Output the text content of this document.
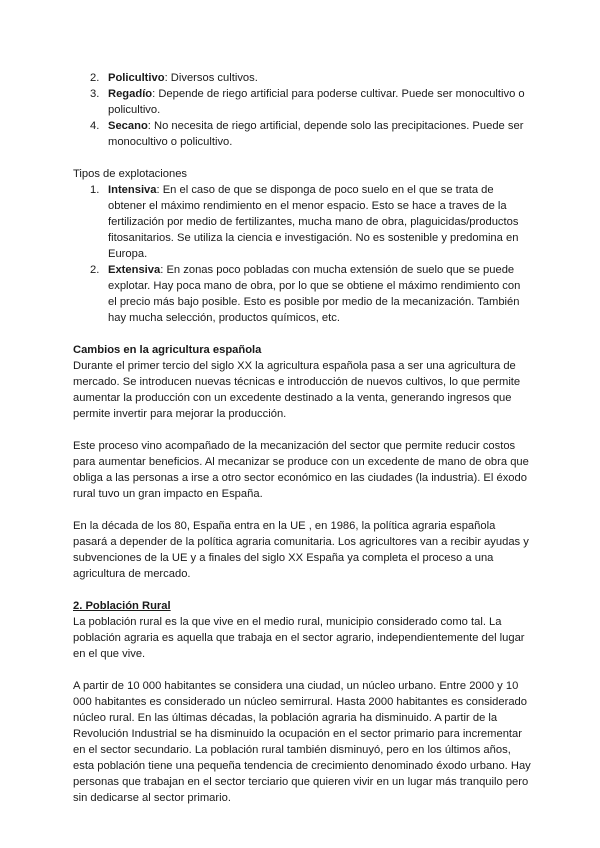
2. Policultivo: Diversos cultivos.
3. Regadío: Depende de riego artificial para poderse cultivar. Puede ser monocultivo o policultivo.
4. Secano: No necesita de riego artificial, depende solo las precipitaciones. Puede ser monocultivo o policultivo.

Tipos de explotaciones

1. Intensiva: En el caso de que se disponga de poco suelo en el que se trata de obtener el máximo rendimiento en el menor espacio. Esto se hace a traves de la fertilización por medio de fertilizantes, mucha mano de obra, plaguicidas/productos fitosanitarios. Se utiliza la ciencia e investigación. No es sostenible y predomina en Europa.
2. Extensiva: En zonas poco pobladas con mucha extensión de suelo que se puede explotar. Hay poca mano de obra, por lo que se obtiene el máximo rendimiento con el precio más bajo posible. Esto es posible por medio de la mecanización. También hay mucha selección, productos químicos, etc.

Cambios en la agricultura española

Durante el primer tercio del siglo XX la agricultura española pasa a ser una agricultura de mercado. Se introducen nuevas técnicas e introducción de nuevos cultivos, lo que permite aumentar la producción con un excedente destinado a la venta, generando ingresos que permite invertir para mejorar la producción.

Este proceso vino acompañado de la mecanización del sector que permite reducir costos para aumentar beneficios. Al mecanizar se produce con un excedente de mano de obra que obliga a las personas a irse a otro sector económico en las ciudades (la industria). El éxodo rural tuvo un gran impacto en España.

En la década de los 80, España entra en la UE , en 1986, la política agraria española pasará a depender de la política agraria comunitaria. Los agricultores van a recibir ayudas y subvenciones de la UE y a finales del siglo XX España ya completa el proceso a una agricultura de mercado.

2. Población Rural

La población rural es la que vive en el medio rural, municipio considerado como tal. La población agraria es aquella que trabaja en el sector agrario, independientemente del lugar en el que vive.

A partir de 10 000 habitantes se considera una ciudad, un núcleo urbano. Entre 2000 y 10 000 habitantes es considerado un núcleo semirrural. Hasta 2000 habitantes es considerado núcleo rural. En las últimas décadas, la población agraria ha disminuido. A partir de la Revolución Industrial se ha disminuido la ocupación en el sector primario para incrementar en el sector secundario. La población rural también disminuyó, pero en los últimos años, esta población tiene una pequeña tendencia de crecimiento denominado éxodo urbano. Hay personas que trabajan en el sector terciario que quieren vivir en un lugar más tranquilo pero sin dedicarse al sector primario.
